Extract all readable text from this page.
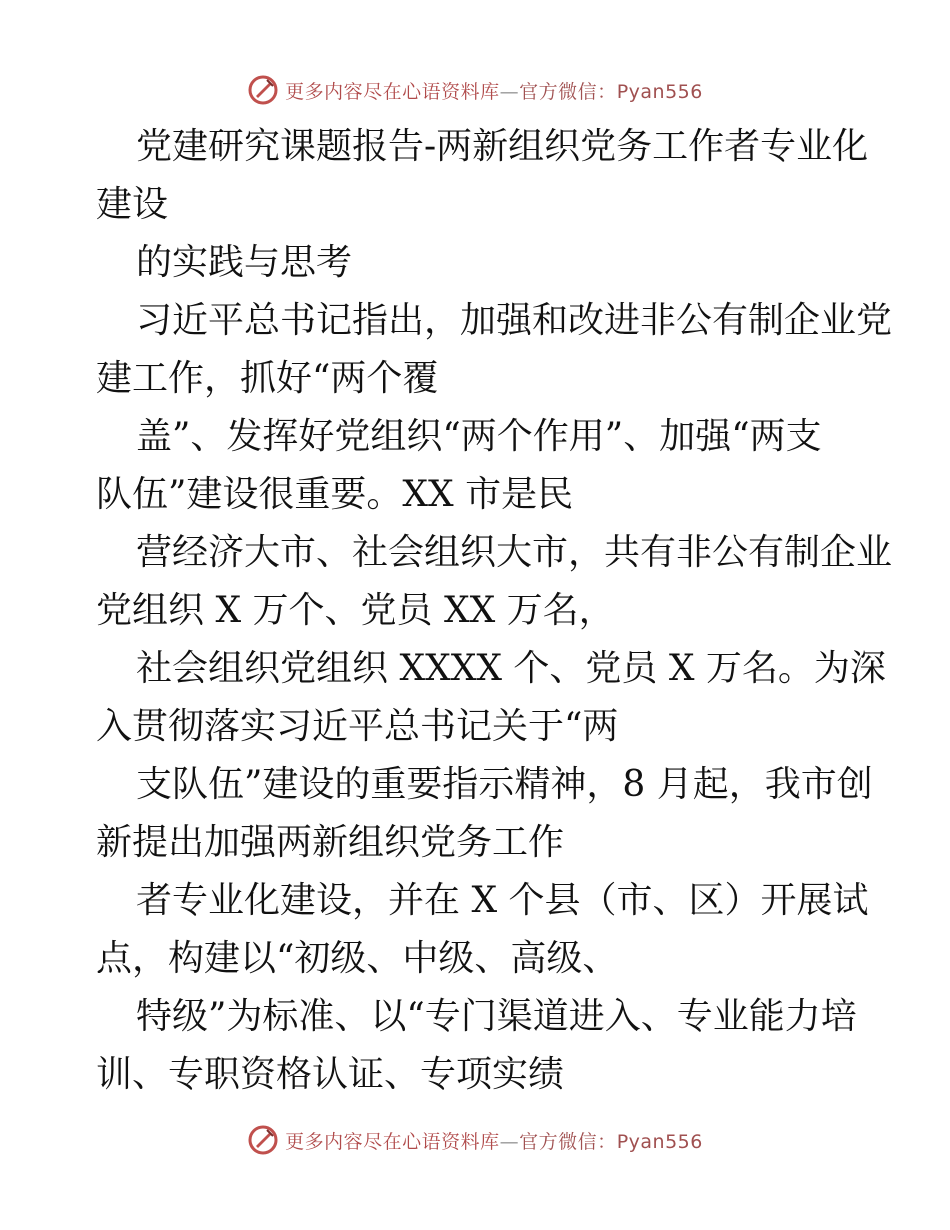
更多内容尽在心语资料库—官方微信：Pyan556

党建研究课题报告-两新组织党务工作者专业化

建设

的实践与思考

习近平总书记指出，加强和改进非公有制企业党

建工作，抓好“两个覆

盖”、发挥好党组织“两个作用”、加强“两支

队伍”建设很重要。XX 市是民

营经济大市、社会组织大市，共有非公有制企业

党组织 X 万个、党员 XX 万名，

社会组织党组织 XXXX 个、党员 X 万名。为深

入贯彻落实习近平总书记关于“两

支队伍”建设的重要指示精神，8 月起，我市创

新提出加强两新组织党务工作

者专业化建设，并在 X 个县（市、区）开展试

点，构建以“初级、中级、高级、

特级”为标准、以“专门渠道进入、专业能力培

训、专职资格认证、专项实绩

更多内容尽在心语资料库—官方微信：Pyan556
